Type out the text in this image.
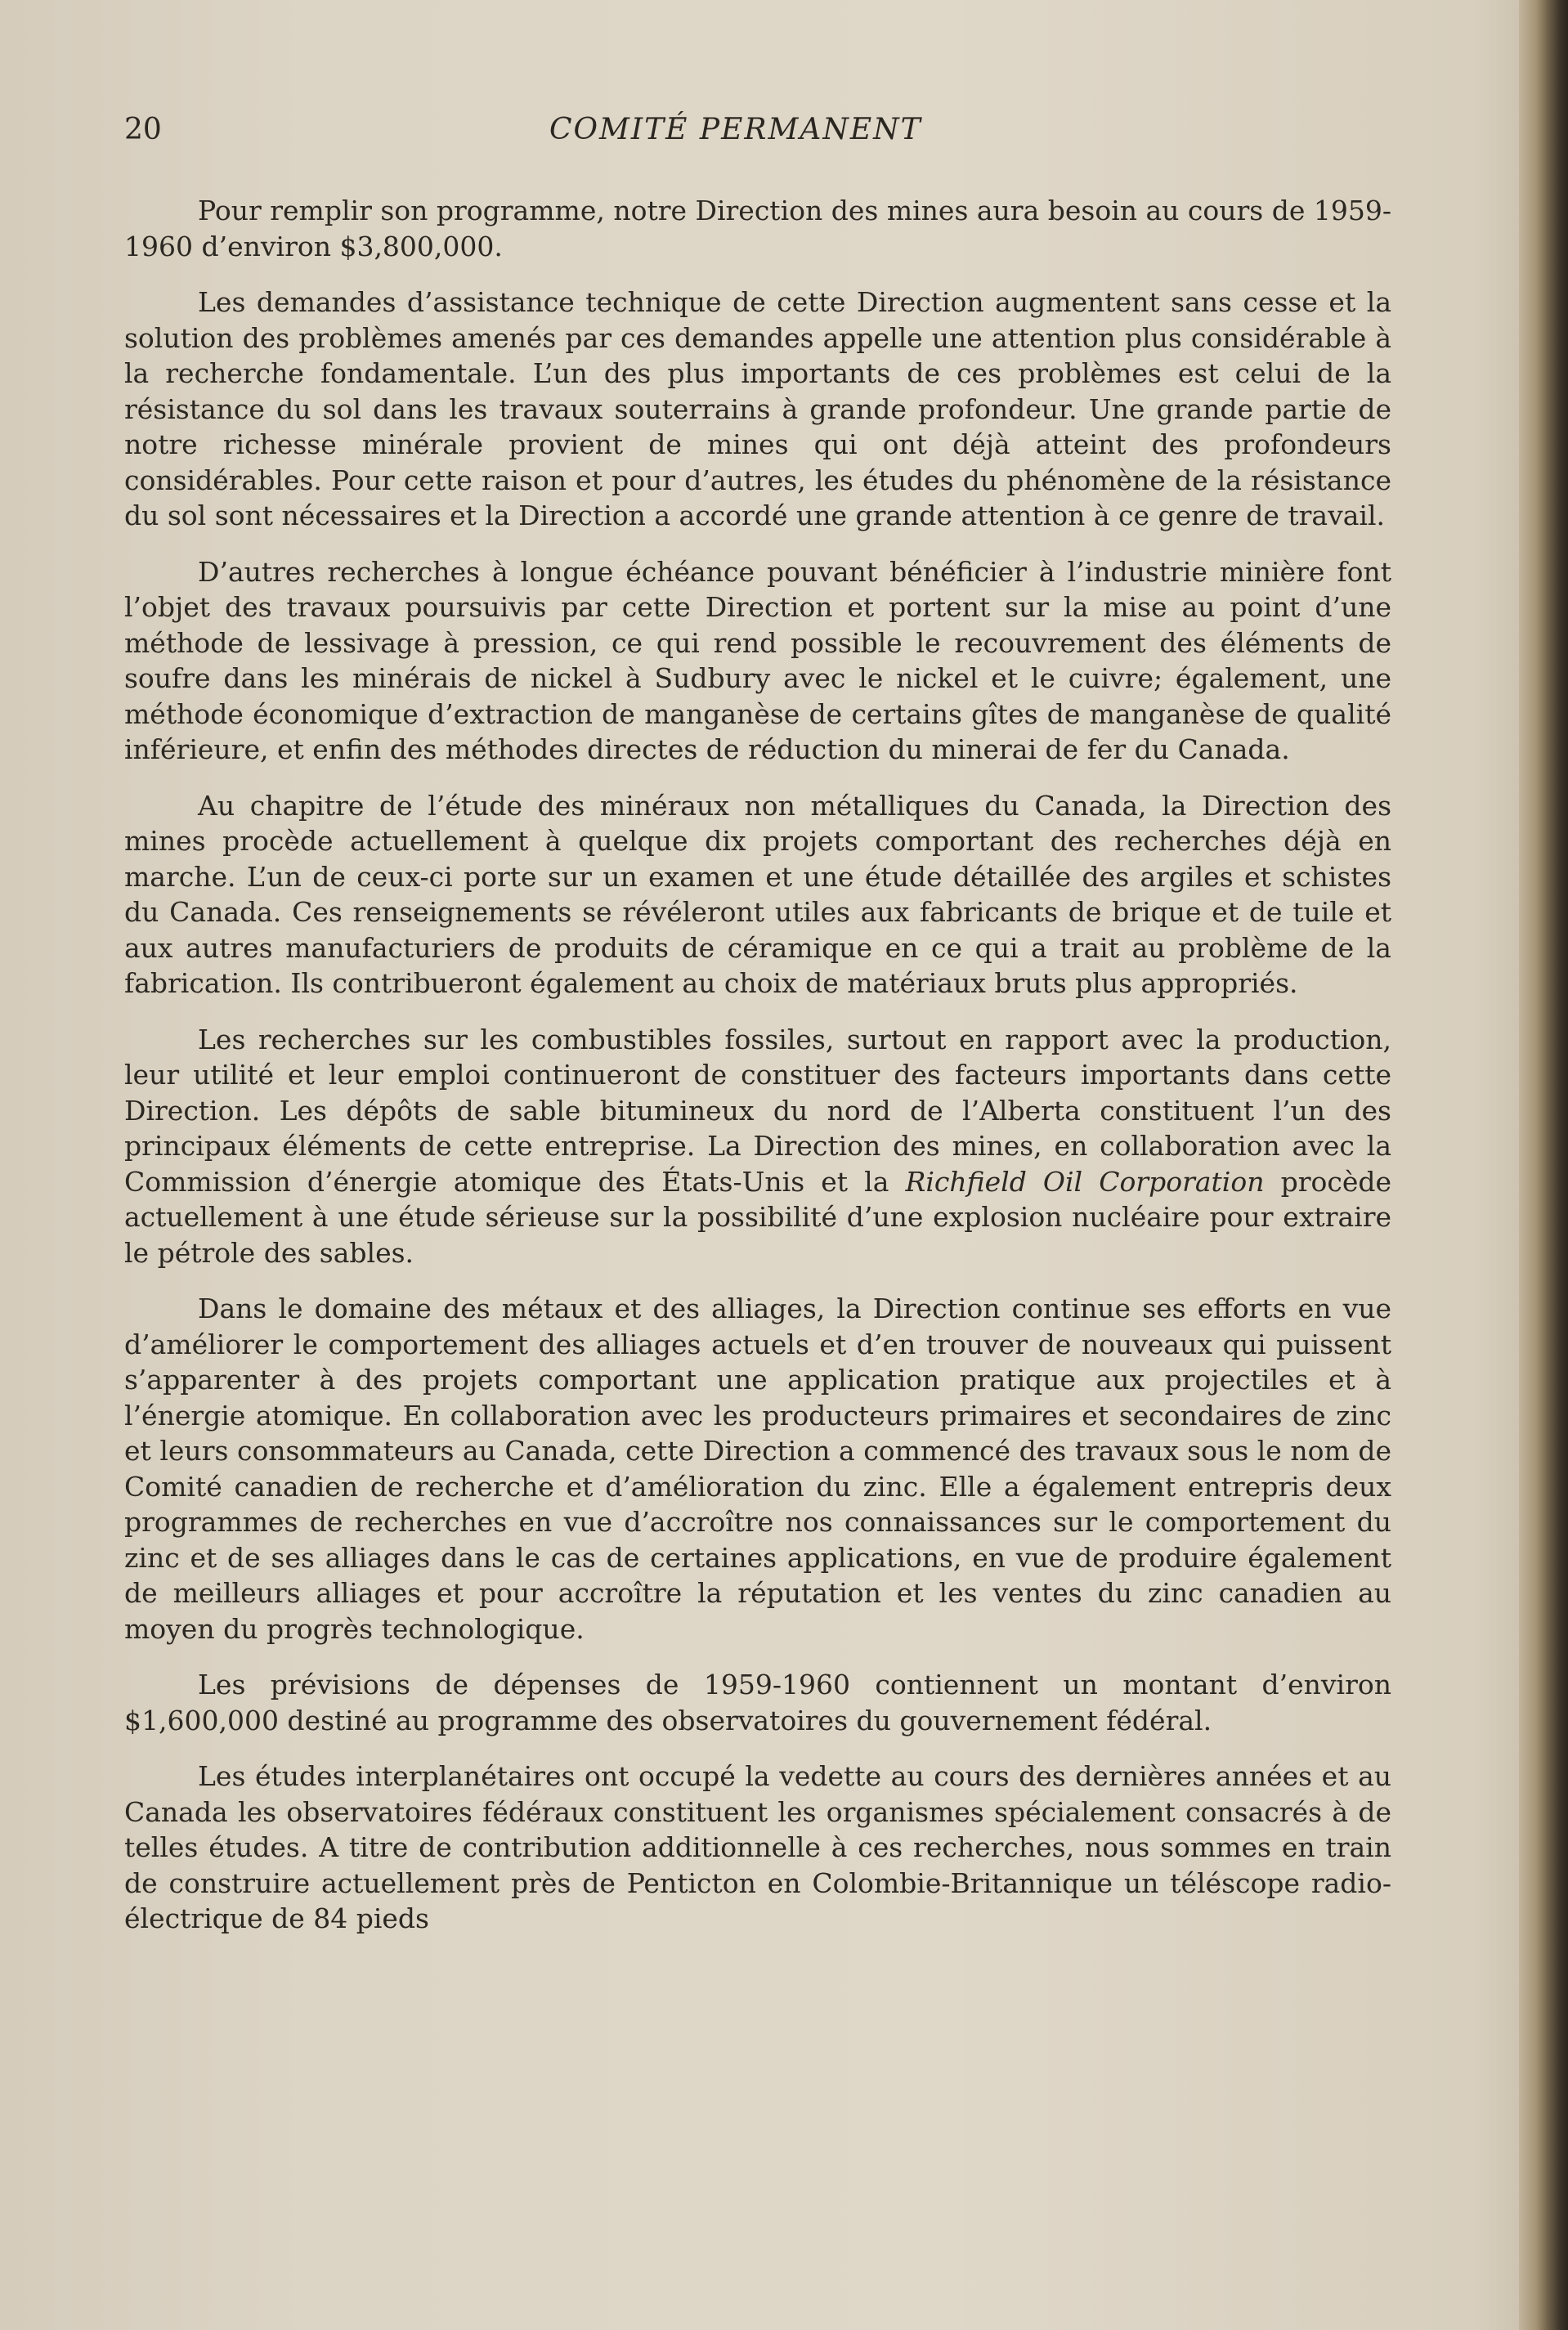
20	COMITÉ PERMANENT

Pour remplir son programme, notre Direction des mines aura besoin au cours de 1959-1960 d’environ $3,800,000.

Les demandes d’assistance technique de cette Direction augmentent sans cesse et la solution des problèmes amenés par ces demandes appelle une attention plus considérable à la recherche fondamentale. L’un des plus importants de ces problèmes est celui de la résistance du sol dans les travaux souterrains à grande profondeur. Une grande partie de notre richesse minérale provient de mines qui ont déjà atteint des profondeurs considérables. Pour cette raison et pour d’autres, les études du phénomène de la résistance du sol sont nécessaires et la Direction a accordé une grande attention à ce genre de travail.

D’autres recherches à longue échéance pouvant bénéficier à l’industrie minière font l’objet des travaux poursuivis par cette Direction et portent sur la mise au point d’une méthode de lessivage à pression, ce qui rend possible le recouvrement des éléments de soufre dans les minérais de nickel à Sudbury avec le nickel et le cuivre; également, une méthode économique d’extraction de manganèse de certains gîtes de manganèse de qualité inférieure, et enfin des méthodes directes de réduction du minerai de fer du Canada.

Au chapitre de l’étude des minéraux non métalliques du Canada, la Direction des mines procède actuellement à quelque dix projets comportant des recherches déjà en marche. L’un de ceux-ci porte sur un examen et une étude détaillée des argiles et schistes du Canada. Ces renseignements se révéleront utiles aux fabricants de brique et de tuile et aux autres manufacturiers de produits de céramique en ce qui a trait au problème de la fabrication. Ils contribueront également au choix de matériaux bruts plus appropriés.

Les recherches sur les combustibles fossiles, surtout en rapport avec la production, leur utilité et leur emploi continueront de constituer des facteurs importants dans cette Direction. Les dépôts de sable bitumineux du nord de l’Alberta constituent l’un des principaux éléments de cette entreprise. La Direction des mines, en collaboration avec la Commission d’énergie atomique des États-Unis et la Richfield Oil Corporation procède actuellement à une étude sérieuse sur la possibilité d’une explosion nucléaire pour extraire le pétrole des sables.

Dans le domaine des métaux et des alliages, la Direction continue ses efforts en vue d’améliorer le comportement des alliages actuels et d’en trouver de nouveaux qui puissent s’apparenter à des projets comportant une application pratique aux projectiles et à l’énergie atomique. En collaboration avec les producteurs primaires et secondaires de zinc et leurs consommateurs au Canada, cette Direction a commencé des travaux sous le nom de Comité canadien de recherche et d’amélioration du zinc. Elle a également entrepris deux programmes de recherches en vue d’accroître nos connaissances sur le comportement du zinc et de ses alliages dans le cas de certaines applications, en vue de produire également de meilleurs alliages et pour accroître la réputation et les ventes du zinc canadien au moyen du progrès technologique.

Les prévisions de dépenses de 1959-1960 contiennent un montant d’environ $1,600,000 destiné au programme des observatoires du gouvernement fédéral.

Les études interplanétaires ont occupé la vedette au cours des dernières années et au Canada les observatoires fédéraux constituent les organismes spécialement consacrés à de telles études. A titre de contribution additionnelle à ces recherches, nous sommes en train de construire actuellement près de Penticton en Colombie-Britannique un téléscope radio-électrique de 84 pieds
